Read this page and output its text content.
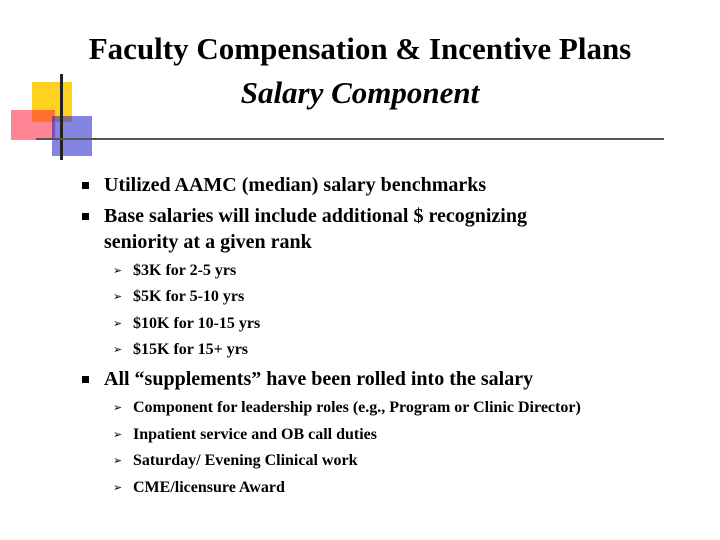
Faculty Compensation & Incentive Plans
Salary Component
Utilized AAMC (median) salary benchmarks
Base salaries will include additional $ recognizing
seniority at a given rank
➢ $3K for 2-5 yrs
➢ $5K for 5-10 yrs
➢ $10K for 10-15 yrs
➢ $15K for 15+ yrs
All “supplements” have been rolled into the salary
➢ Component for leadership roles (e.g., Program or Clinic Director)
➢ Inpatient service and OB call duties
➢ Saturday/ Evening Clinical work
➢ CME/licensure Award
